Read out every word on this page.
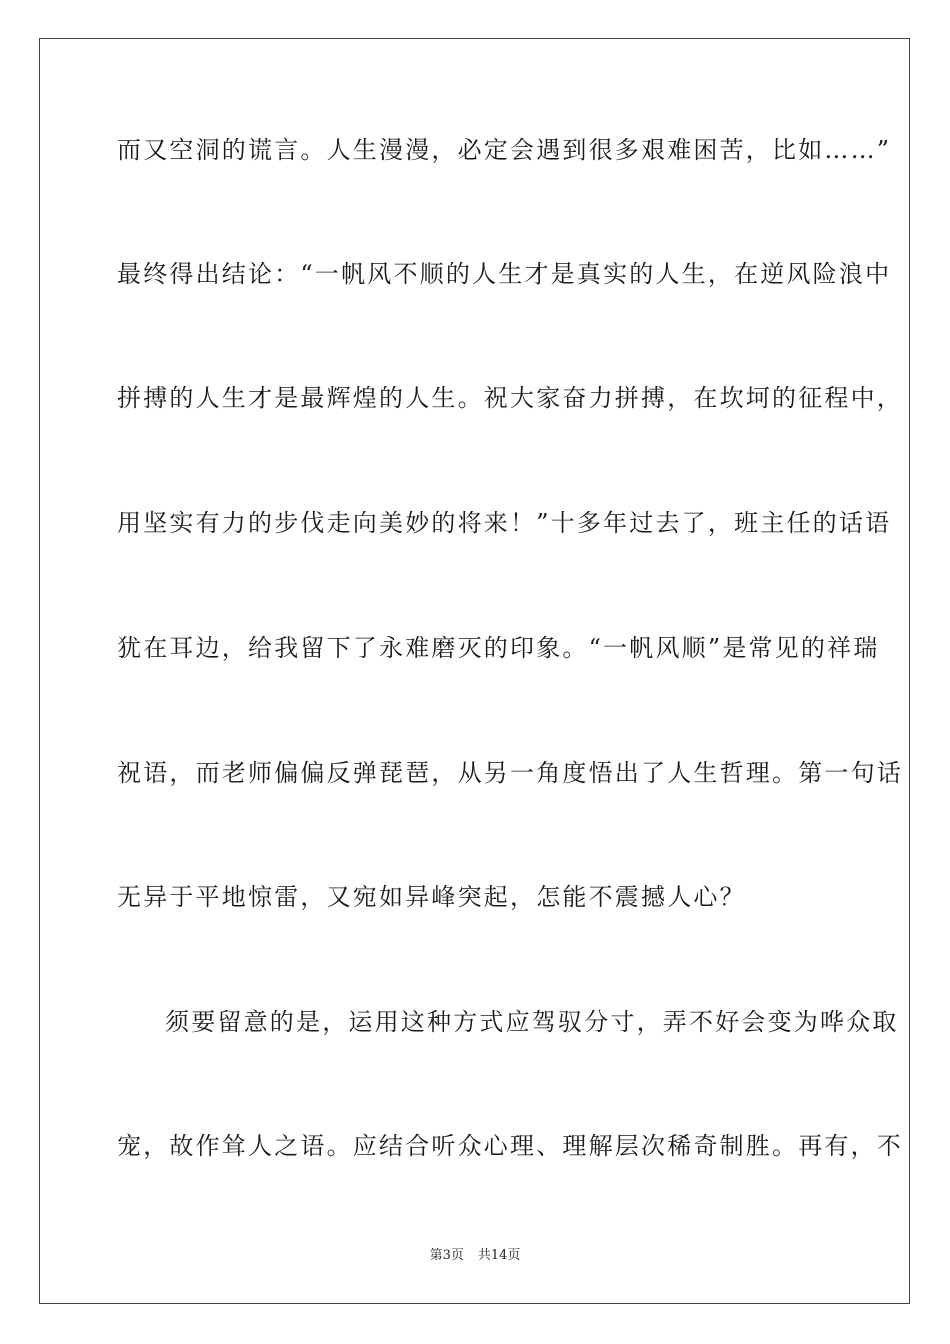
而又空洞的谎言。人生漫漫，必定会遇到很多艰难困苦，比如……”
最终得出结论：“一帆风不顺的人生才是真实的人生，在逆风险浪中
拼搏的人生才是最辉煌的人生。祝大家奋力拼搏，在坎坷的征程中，
用坚实有力的步伐走向美妙的将来！”十多年过去了，班主任的话语
犹在耳边，给我留下了永难磨灭的印象。“一帆风顺”是常见的祥瑞
祝语，而老师偏偏反弹琵琶，从另一角度悟出了人生哲理。第一句话
无异于平地惊雷，又宛如异峰突起，怎能不震撼人心？
须要留意的是，运用这种方式应驾驭分寸，弄不好会变为哗众取
宠，故作耸人之语。应结合听众心理、理解层次稀奇制胜。再有，不
第3页 共14页
